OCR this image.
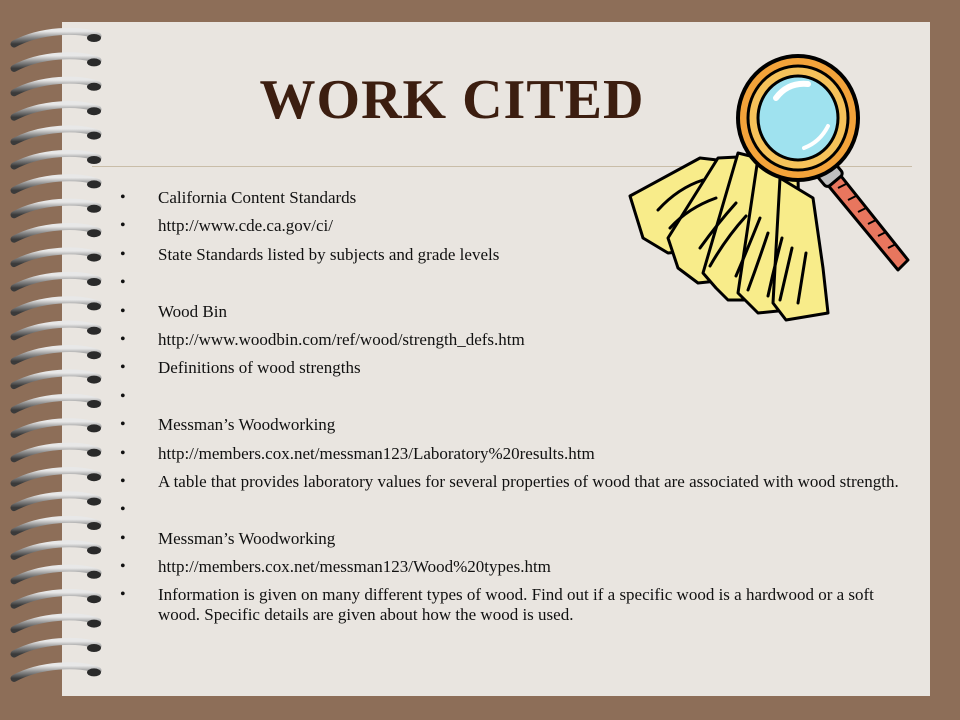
WORK CITED
• California Content Standards
• http://www.cde.ca.gov/ci/
• State Standards listed by subjects and grade levels
•
• Wood Bin
• http://www.woodbin.com/ref/wood/strength_defs.htm
• Definitions of wood strengths
•
• Messman’s Woodworking
• http://members.cox.net/messman123/Laboratory%20results.htm
• A table that provides laboratory values for several properties of wood that are associated with wood strength.
•
• Messman’s Woodworking
• http://members.cox.net/messman123/Wood%20types.htm
• Information is given on many different types of wood. Find out if a specific wood is a hardwood or a soft wood. Specific details are given about how the wood is used.
